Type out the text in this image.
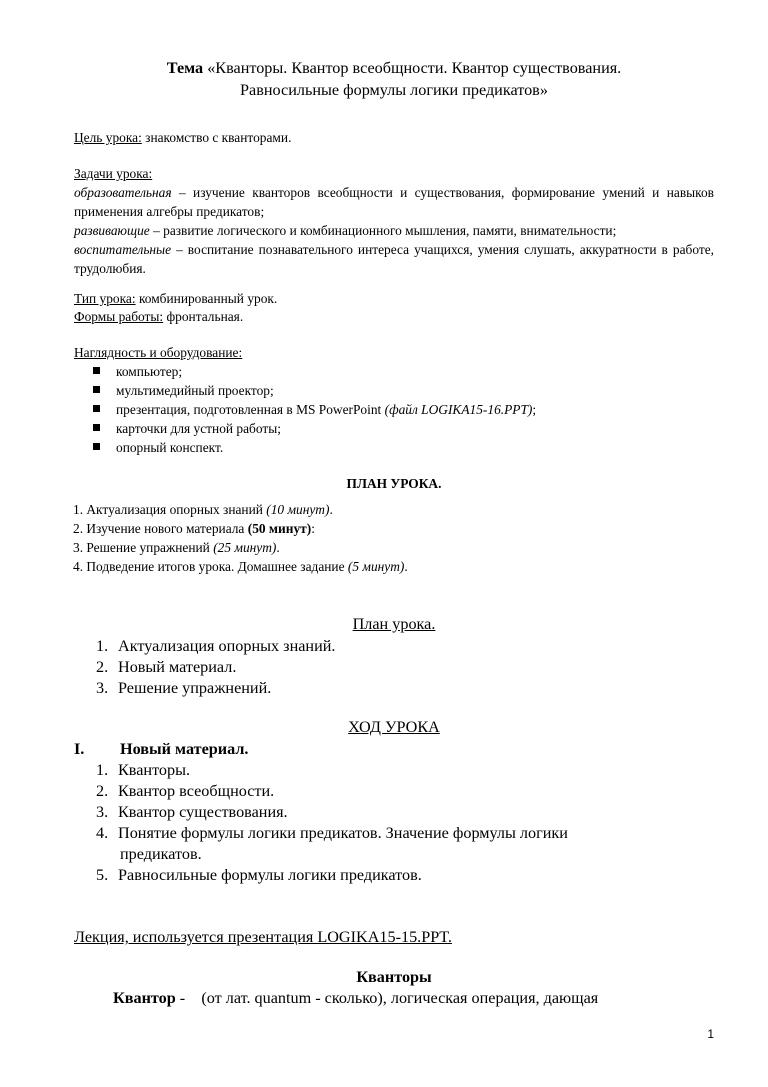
Тема «Кванторы. Квантор всеобщности. Квантор существования.
Равносильные формулы логики предикатов»
Цель урока: знакомство с кванторами.
Задачи урока:
образовательная – изучение кванторов всеобщности и существования, формирование умений и навыков применения алгебры предикатов;
развивающие – развитие логического и комбинационного мышления, памяти, внимательности;
воспитательные – воспитание познавательного интереса учащихся, умения слушать, аккуратности в работе, трудолюбия.
Тип урока: комбинированный урок.
Формы работы: фронтальная.
Наглядность и оборудование:
компьютер;
мультимедийный проектор;
презентация, подготовленная в MS PowerPoint (файл LOGIKA15-16.PPT);
карточки для устной работы;
опорный конспект.
ПЛАН УРОКА.
1. Актуализация опорных знаний (10 минут).
2. Изучение нового материала (50 минут):
3. Решение упражнений (25 минут).
4. Подведение итогов урока. Домашнее задание (5 минут).
План урока.
1. Актуализация опорных знаний.
2. Новый материал.
3. Решение упражнений.
ХОД УРОКА
I. Новый материал.
1. Кванторы.
2. Квантор всеобщности.
3. Квантор существования.
4. Понятие формулы логики предикатов. Значение формулы логики
предикатов.
5. Равносильные формулы логики предикатов.
Лекция, используется презентация LOGIKA15-15.PPT.
Кванторы
Квантор -    (от лат. quantum - сколько), логическая операция, дающая
1
